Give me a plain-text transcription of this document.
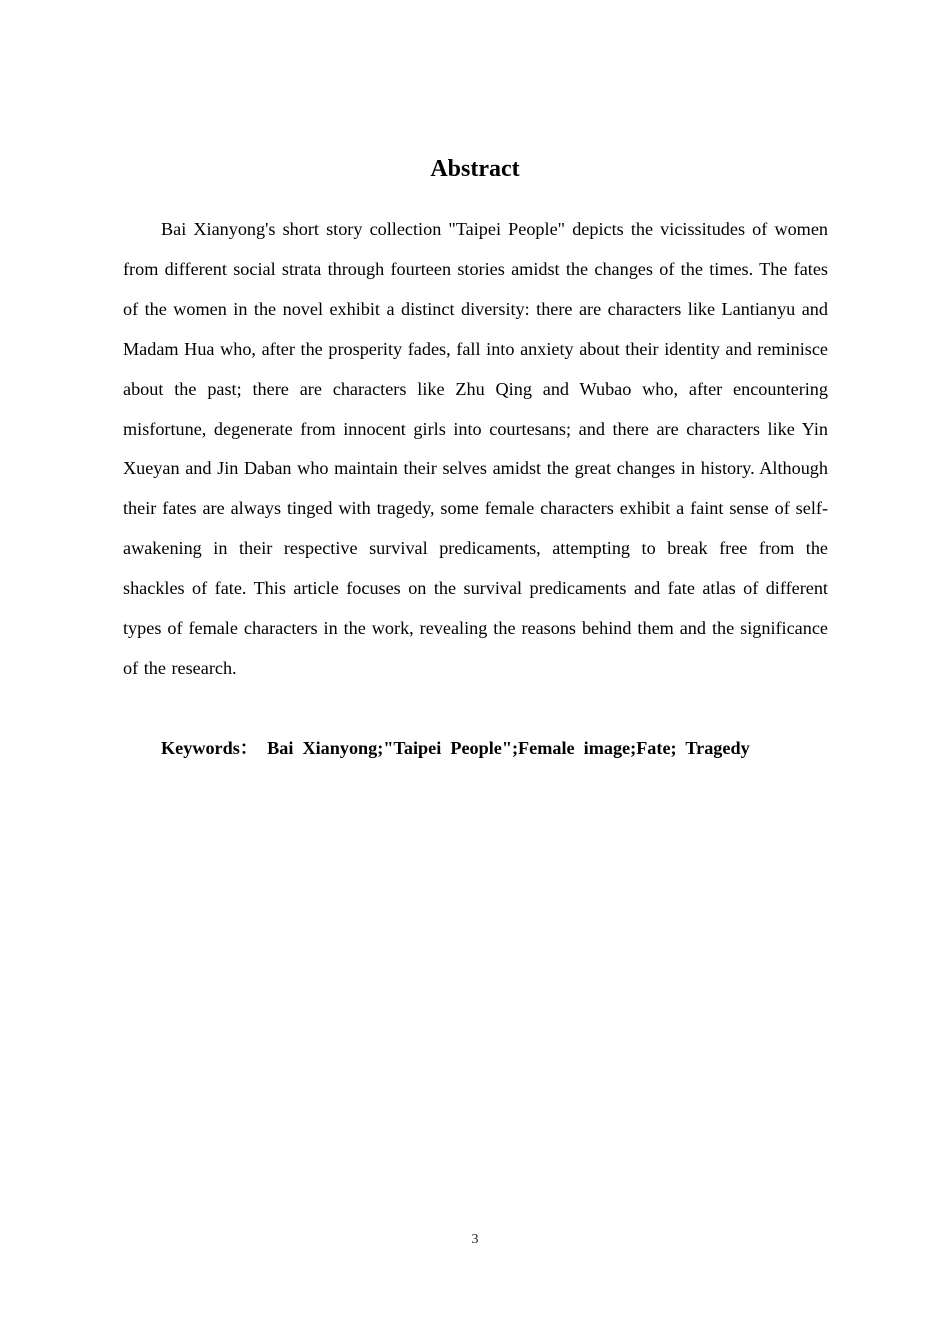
Abstract

Bai Xianyong's short story collection "Taipei People" depicts the vicissitudes of women from different social strata through fourteen stories amidst the changes of the times. The fates of the women in the novel exhibit a distinct diversity: there are characters like Lantianyu and Madam Hua who, after the prosperity fades, fall into anxiety about their identity and reminisce about the past; there are characters like Zhu Qing and Wubao who, after encountering misfortune, degenerate from innocent girls into courtesans; and there are characters like Yin Xueyan and Jin Daban who maintain their selves amidst the great changes in history. Although their fates are always tinged with tragedy, some female characters exhibit a faint sense of self-awakening in their respective survival predicaments, attempting to break free from the shackles of fate. This article focuses on the survival predicaments and fate atlas of different types of female characters in the work, revealing the reasons behind them and the significance of the research.

Keywords： Bai  Xianyong;"Taipei  People";Female  image;Fate;  Tragedy

3
